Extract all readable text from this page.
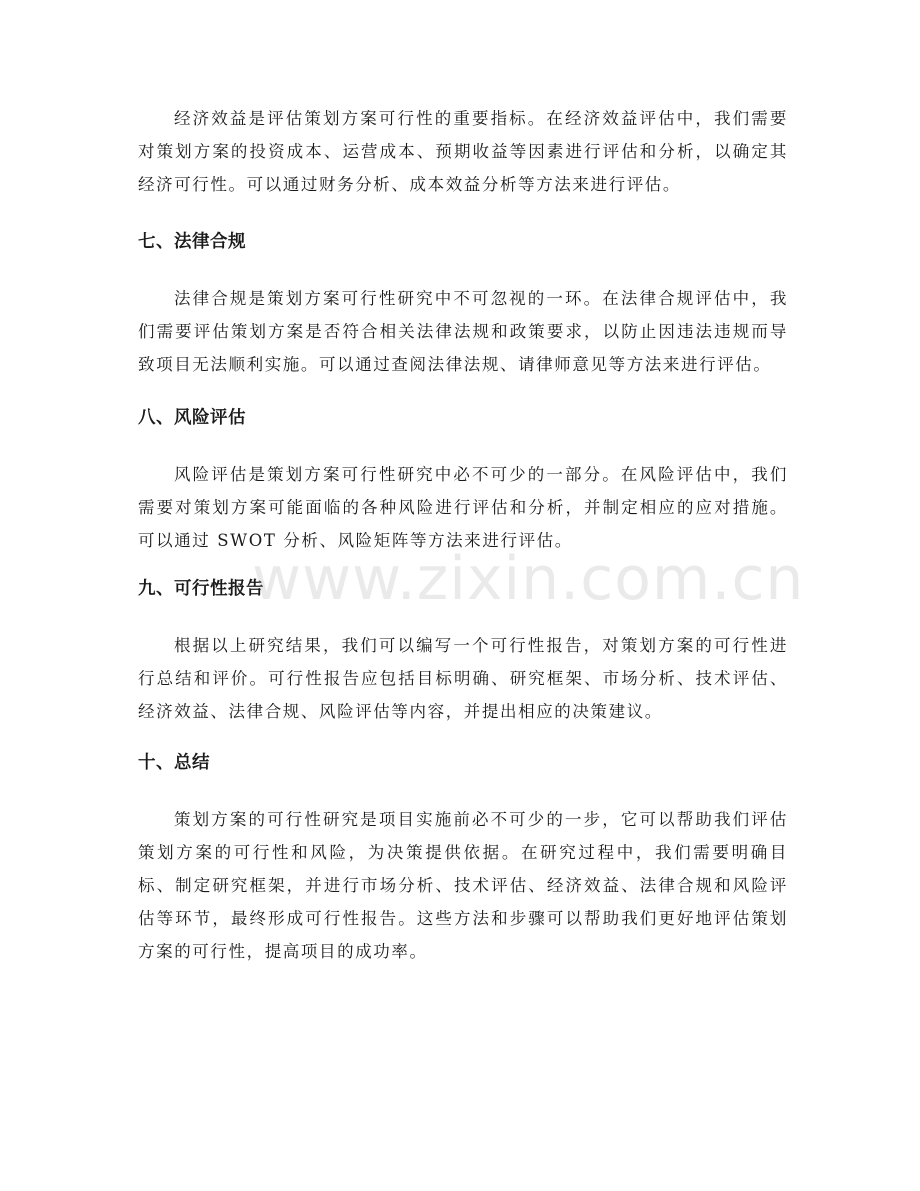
经济效益是评估策划方案可行性的重要指标。在经济效益评估中，我们需要对策划方案的投资成本、运营成本、预期收益等因素进行评估和分析，以确定其经济可行性。可以通过财务分析、成本效益分析等方法来进行评估。

七、法律合规

法律合规是策划方案可行性研究中不可忽视的一环。在法律合规评估中，我们需要评估策划方案是否符合相关法律法规和政策要求，以防止因违法违规而导致项目无法顺利实施。可以通过查阅法律法规、请律师意见等方法来进行评估。

八、风险评估

风险评估是策划方案可行性研究中必不可少的一部分。在风险评估中，我们需要对策划方案可能面临的各种风险进行评估和分析，并制定相应的应对措施。可以通过 SWOT 分析、风险矩阵等方法来进行评估。

九、可行性报告

根据以上研究结果，我们可以编写一个可行性报告，对策划方案的可行性进行总结和评价。可行性报告应包括目标明确、研究框架、市场分析、技术评估、经济效益、法律合规、风险评估等内容，并提出相应的决策建议。

十、总结

策划方案的可行性研究是项目实施前必不可少的一步，它可以帮助我们评估策划方案的可行性和风险，为决策提供依据。在研究过程中，我们需要明确目标、制定研究框架，并进行市场分析、技术评估、经济效益、法律合规和风险评估等环节，最终形成可行性报告。这些方法和步骤可以帮助我们更好地评估策划方案的可行性，提高项目的成功率。

www.zixin.com.cn
